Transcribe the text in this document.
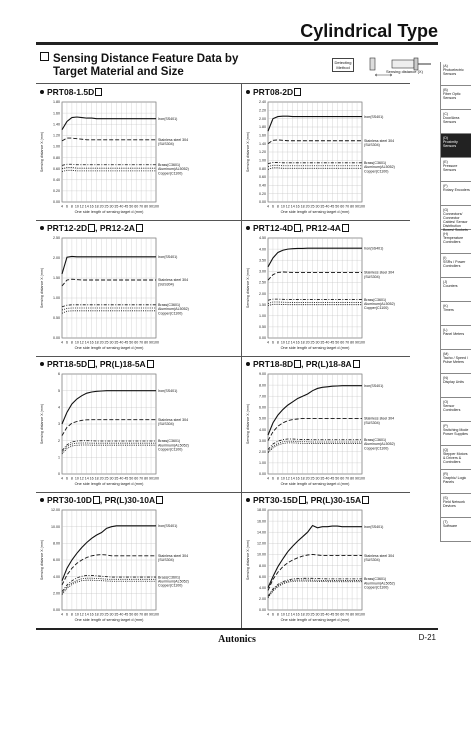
Cylindrical Type
Sensing Distance Feature Data by
Target Material and Size
Detecting Method
Sensing distance (X)
(A)
Photoelectric Sensors
(B)
Fiber Optic Sensors
(C)
Door/Area Sensors
(D)
Proximity Sensors
(E)
Pressure Sensors
(F)
Rotary Encoders
(G)
Connectors/ Connector Cables/ Sensor Distribution Boxes/ Sockets
(H)
Temperature Controllers
(I)
SSRs / Power Controllers
(J)
Counters
(K)
Timers
(L)
Panel Meters
(M)
Tacho / Speed / Pulse Meters
(N)
Display Units
(O)
Sensor Controllers
(P)
Switching Mode Power Supplies
(Q)
Stepper Motors & Drivers & Controllers
(R)
Graphic/ Logic Panels
(S)
Field Network Devices
(T)
Software
PRT08-1.5D
4 6 8 10 12 14 16 18 20 25 30 35 40 45 50 60 70 80 90 100
0.00
0.20
0.40
0.60
0.80
1.00
1.20
1.40
1.60
1.80
One side length of sensing target d (mm)
Sensing distance X (mm)
Iron(SS401)
Stainless steel 304 (SUS304)
Brass(C3601)
Aluminum(AL5052)
Copper(C1100)
PRT08-2D
4 6 8 10 12 14 16 18 20 25 30 35 40 45 50 60 70 80 90 100
0.00
0.20
0.40
0.60
0.80
1.00
1.20
1.40
1.60
1.80
2.00
2.20
2.40
One side length of sensing target d (mm)
Sensing distance X (mm)
Iron(SS401)
Stainless steel 304 (SUS304)
Brass(C3601)
Aluminum(AL5052)
Copper(C1100)
PRT12-2D , PR12-2A
4 6 8 10 12 14 16 18 20 25 30 35 40 45 50 60 70 80 90 100
0.00
0.50
1.00
1.50
2.00
2.50
One side length of sensing target d (mm)
Sensing distance X (mm)
Iron(SS401)
Stainless steel 304 (SUS304)
Brass(C3601)
Aluminum(AL5052)
Copper(C1100)
PRT12-4D , PR12-4A
4 6 8 10 12 14 16 18 20 25 30 35 40 45 50 60 70 80 90 100
0.00
0.50
1.00
1.50
2.00
2.50
3.00
3.50
4.00
4.50
One side length of sensing target d (mm)
Sensing distance X (mm)
Iron(SS401)
Stainless steel 304 (SUS304)
Brass(C3601)
Aluminum(AL5052)
Copper(C1100)
PRT18-5D , PR(L)18-5A
4 6 8 10 12 14 16 18 20 25 30 35 40 45 50 60 70 80 90 100
0
1
2
3
4
5
6
One side length of sensing target d (mm)
Sensing distance X (mm)
Iron(SS401)
Stainless steel 304 (SUS304)
Brass(C3601)
Aluminum(AL5052)
Copper(C1100)
PRT18-8D , PR(L)18-8A
4 6 8 10 12 14 16 18 20 25 30 35 40 45 50 60 70 80 90 100
0.00
1.00
2.00
3.00
4.00
5.00
6.00
7.00
8.00
9.00
One side length of sensing target d (mm)
Sensing distance X (mm)
Iron(SS401)
Stainless steel 304 (SUS304)
Brass(C3601)
Aluminum(AL5052)
Copper(C1100)
PRT30-10D , PR(L)30-10A
4 6 8 10 12 14 16 18 20 25 30 35 40 45 50 60 70 80 90 100
0.00
2.00
4.00
6.00
8.00
10.00
12.00
One side length of sensing target d (mm)
Sensing distance X (mm)
Iron(SS401)
Stainless steel 304 (SUS304)
Brass(C3601)
Aluminum(AL5052)
Copper(C1100)
PRT30-15D , PR(L)30-15A
4 6 8 10 12 14 16 18 20 25 30 35 40 45 50 60 70 80 90 100
0.00
2.00
4.00
6.00
8.00
10.00
12.00
14.00
16.00
18.00
One side length of sensing target d (mm)
Sensing distance X (mm)
Iron(SS401)
Stainless steel 304 (SUS304)
Brass(C3601)
Aluminum(AL5052)
Copper(C1100)
Autonics	D-21
